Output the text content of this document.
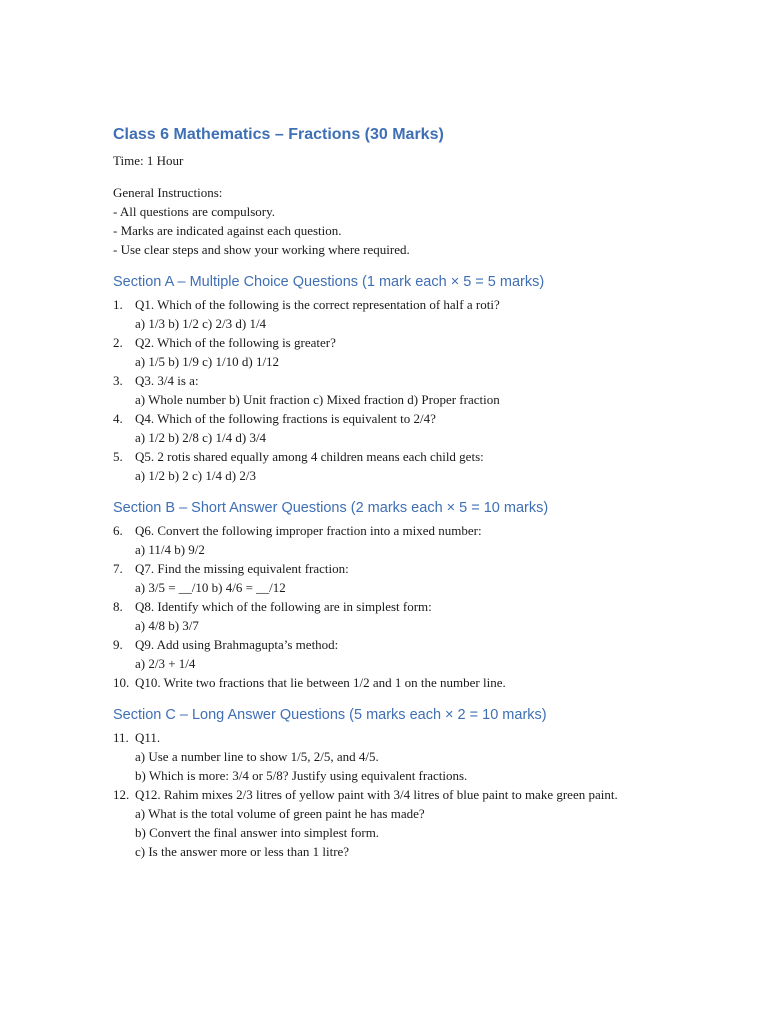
Class 6 Mathematics – Fractions (30 Marks)
Time: 1 Hour
General Instructions:
- All questions are compulsory.
- Marks are indicated against each question.
- Use clear steps and show your working where required.
Section A – Multiple Choice Questions (1 mark each × 5 = 5 marks)
1. Q1. Which of the following is the correct representation of half a roti?
a) 1/3 b) 1/2 c) 2/3 d) 1/4
2. Q2. Which of the following is greater?
a) 1/5 b) 1/9 c) 1/10 d) 1/12
3. Q3. 3/4 is a:
a) Whole number b) Unit fraction c) Mixed fraction d) Proper fraction
4. Q4. Which of the following fractions is equivalent to 2/4?
a) 1/2 b) 2/8 c) 1/4 d) 3/4
5. Q5. 2 rotis shared equally among 4 children means each child gets:
a) 1/2 b) 2 c) 1/4 d) 2/3
Section B – Short Answer Questions (2 marks each × 5 = 10 marks)
6. Q6. Convert the following improper fraction into a mixed number:
a) 11/4 b) 9/2
7. Q7. Find the missing equivalent fraction:
a) 3/5 = __/10 b) 4/6 = __/12
8. Q8. Identify which of the following are in simplest form:
a) 4/8 b) 3/7
9. Q9. Add using Brahmagupta’s method:
a) 2/3 + 1/4
10. Q10. Write two fractions that lie between 1/2 and 1 on the number line.
Section C – Long Answer Questions (5 marks each × 2 = 10 marks)
11. Q11.
a) Use a number line to show 1/5, 2/5, and 4/5.
b) Which is more: 3/4 or 5/8? Justify using equivalent fractions.
12. Q12. Rahim mixes 2/3 litres of yellow paint with 3/4 litres of blue paint to make green paint.
a) What is the total volume of green paint he has made?
b) Convert the final answer into simplest form.
c) Is the answer more or less than 1 litre?
